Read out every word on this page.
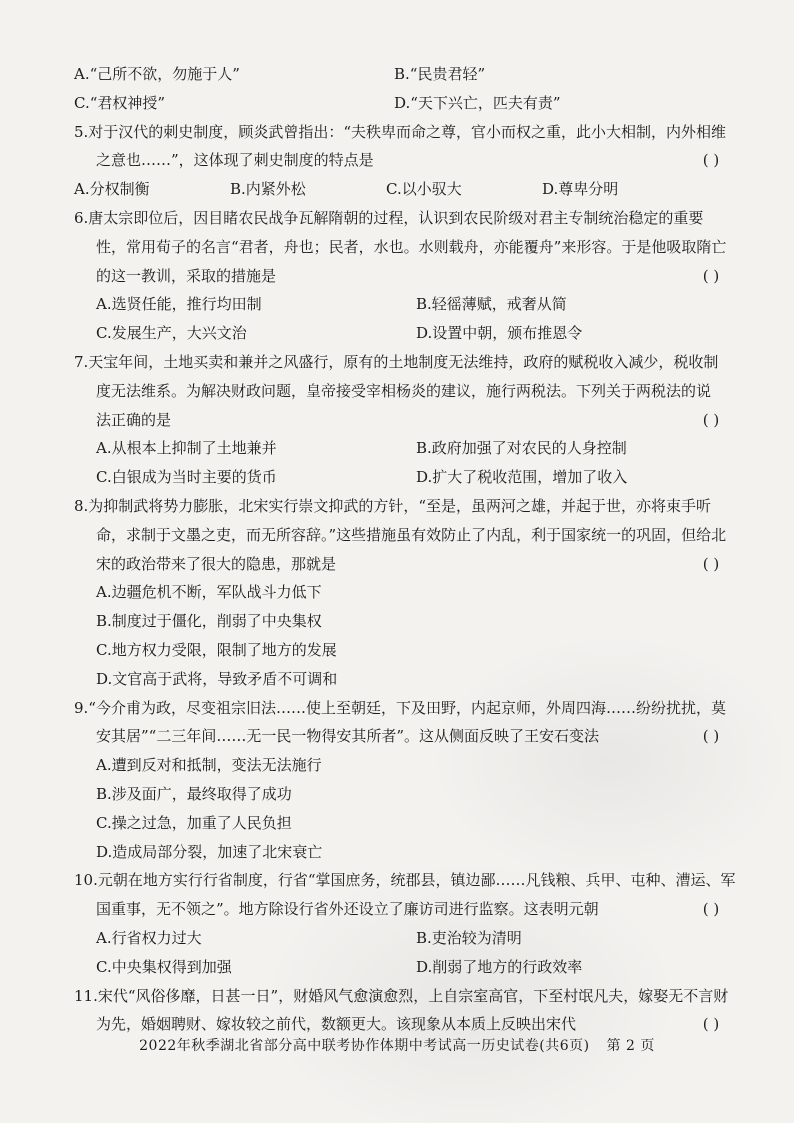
A.“己所不欲，勿施于人”	B.“民贵君轻”
C.“君权神授”	D.“天下兴亡，匹夫有责”
5.对于汉代的刺史制度，顾炎武曾指出：“夫秩卑而命之尊，官小而权之重，此小大相制，内外相维
之意也……”，这体现了刺史制度的特点是	( )
A.分权制衡	B.内紧外松	C.以小驭大	D.尊卑分明
6.唐太宗即位后，因目睹农民战争瓦解隋朝的过程，认识到农民阶级对君主专制统治稳定的重要
性，常用荀子的名言“君者，舟也；民者，水也。水则载舟，亦能覆舟”来形容。于是他吸取隋亡
的这一教训，采取的措施是	( )
A.选贤任能，推行均田制	B.轻徭薄赋，戒奢从简
C.发展生产，大兴文治	D.设置中朝，颁布推恩令
7.天宝年间，土地买卖和兼并之风盛行，原有的土地制度无法维持，政府的赋税收入减少，税收制
度无法维系。为解决财政问题，皇帝接受宰相杨炎的建议，施行两税法。下列关于两税法的说
法正确的是	( )
A.从根本上抑制了土地兼并	B.政府加强了对农民的人身控制
C.白银成为当时主要的货币	D.扩大了税收范围，增加了收入
8.为抑制武将势力膨胀，北宋实行崇文抑武的方针，“至是，虽两河之雄，并起于世，亦将束手听
命，求制于文墨之吏，而无所容辞。”这些措施虽有效防止了内乱，利于国家统一的巩固，但给北
宋的政治带来了很大的隐患，那就是	( )
A.边疆危机不断，军队战斗力低下
B.制度过于僵化，削弱了中央集权
C.地方权力受限，限制了地方的发展
D.文官高于武将，导致矛盾不可调和
9.“今介甫为政，尽变祖宗旧法……使上至朝廷，下及田野，内起京师，外周四海……纷纷扰扰，莫
安其居”“二三年间……无一民一物得安其所者”。这从侧面反映了王安石变法	( )
A.遭到反对和抵制，变法无法施行
B.涉及面广，最终取得了成功
C.操之过急，加重了人民负担
D.造成局部分裂，加速了北宋衰亡
10.元朝在地方实行行省制度，行省“掌国庶务，统郡县，镇边鄙……凡钱粮、兵甲、屯种、漕运、军
国重事，无不领之”。地方除设行省外还设立了廉访司进行监察。这表明元朝	( )
A.行省权力过大	B.吏治较为清明
C.中央集权得到加强	D.削弱了地方的行政效率
11.宋代“风俗侈靡，日甚一日”，财婚风气愈演愈烈，上自宗室高官，下至村氓凡夫，嫁娶无不言财
为先，婚姻聘财、嫁妆较之前代，数额更大。该现象从本质上反映出宋代	( )
2022年秋季湖北省部分高中联考协作体期中考试高一历史试卷(共6页) 第 2 页
